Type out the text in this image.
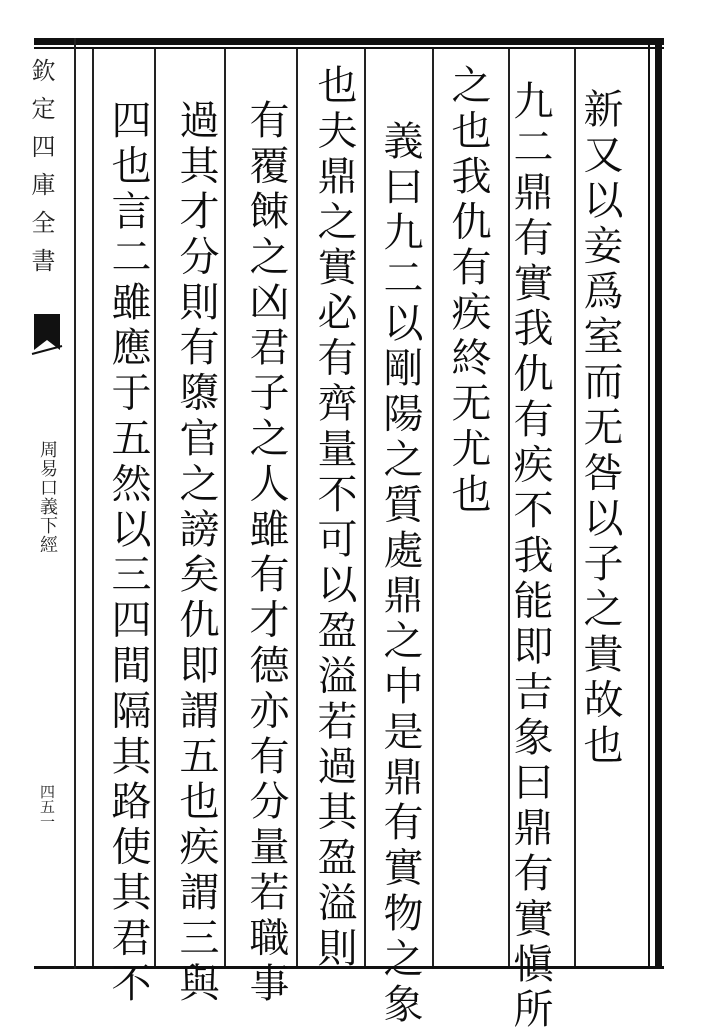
欽定四庫全書
周易口義下經
四五一
新又以妾爲室而无咎以子之貴故也
九二鼎有實我仇有疾不我能即吉象曰鼎有實愼所
之也我仇有疾終无尤也
義曰九二以剛陽之質處鼎之中是鼎有實物之象
也夫鼎之實必有齊量不可以盈溢若過其盈溢則
有覆餗之凶君子之人雖有才德亦有分量若職事
過其才分則有隳官之謗矣仇即謂五也疾謂三與
四也言二雖應于五然以三四間隔其路使其君不
